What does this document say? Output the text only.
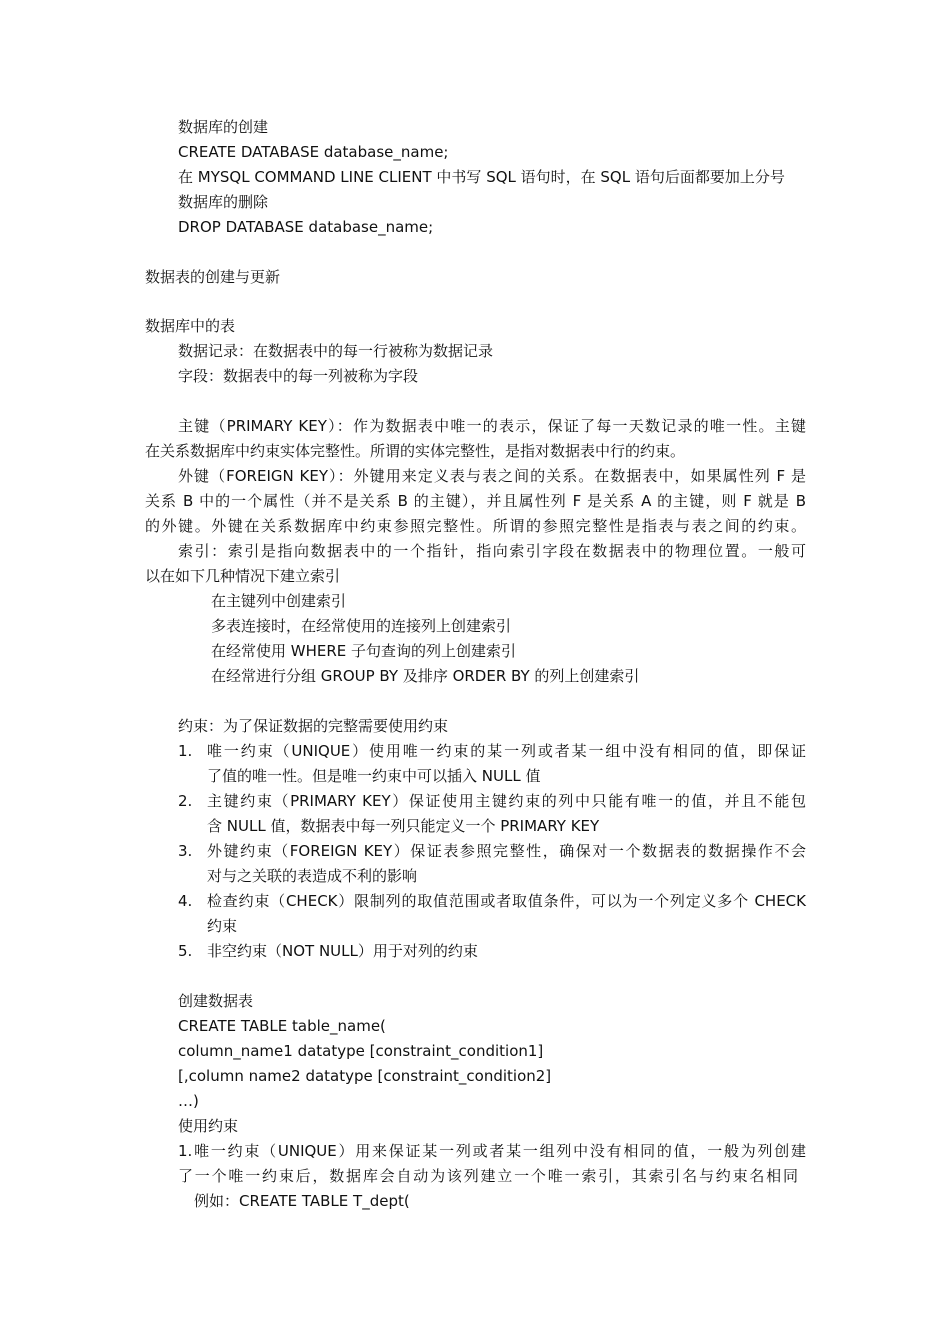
数据库的创建
CREATE DATABASE database_name;
在 MYSQL COMMAND LINE CLIENT 中书写 SQL 语句时，在 SQL 语句后面都要加上分号
数据库的删除
DROP DATABASE database_name;
数据表的创建与更新
数据库中的表
数据记录：在数据表中的每一行被称为数据记录
字段：数据表中的每一列被称为字段
主键（PRIMARY KEY）：作为数据表中唯一的表示，保证了每一天数记录的唯一性。主键
在关系数据库中约束实体完整性。所谓的实体完整性，是指对数据表中行的约束。
外键（FOREIGN KEY）：外键用来定义表与表之间的关系。在数据表中，如果属性列 F 是
关系 B 中的一个属性（并不是关系 B 的主键），并且属性列 F 是关系 A 的主键，则 F 就是 B
的外键。外键在关系数据库中约束参照完整性。所谓的参照完整性是指表与表之间的约束。
索引：索引是指向数据表中的一个指针，指向索引字段在数据表中的物理位置。一般可
以在如下几种情况下建立索引
在主键列中创建索引
多表连接时，在经常使用的连接列上创建索引
在经常使用 WHERE 子句查询的列上创建索引
在经常进行分组 GROUP BY 及排序 ORDER BY 的列上创建索引
约束：为了保证数据的完整需要使用约束
1. 唯一约束（UNIQUE）使用唯一约束的某一列或者某一组中没有相同的值，即保证
了值的唯一性。但是唯一约束中可以插入 NULL 值
2. 主键约束（PRIMARY KEY）保证使用主键约束的列中只能有唯一的值，并且不能包
含 NULL 值，数据表中每一列只能定义一个 PRIMARY KEY
3. 外键约束（FOREIGN KEY）保证表参照完整性，确保对一个数据表的数据操作不会
对与之关联的表造成不利的影响
4. 检查约束（CHECK）限制列的取值范围或者取值条件，可以为一个列定义多个 CHECK
约束
5. 非空约束（NOT NULL）用于对列的约束
创建数据表
CREATE TABLE table_name(
column_name1 datatype [constraint_condition1]
[,column name2 datatype [constraint_condition2]
…)
使用约束
1.唯一约束（UNIQUE）用来保证某一列或者某一组列中没有相同的值，一般为列创建
了一个唯一约束后，数据库会自动为该列建立一个唯一索引，其索引名与约束名相同
例如：CREATE TABLE T_dept(
